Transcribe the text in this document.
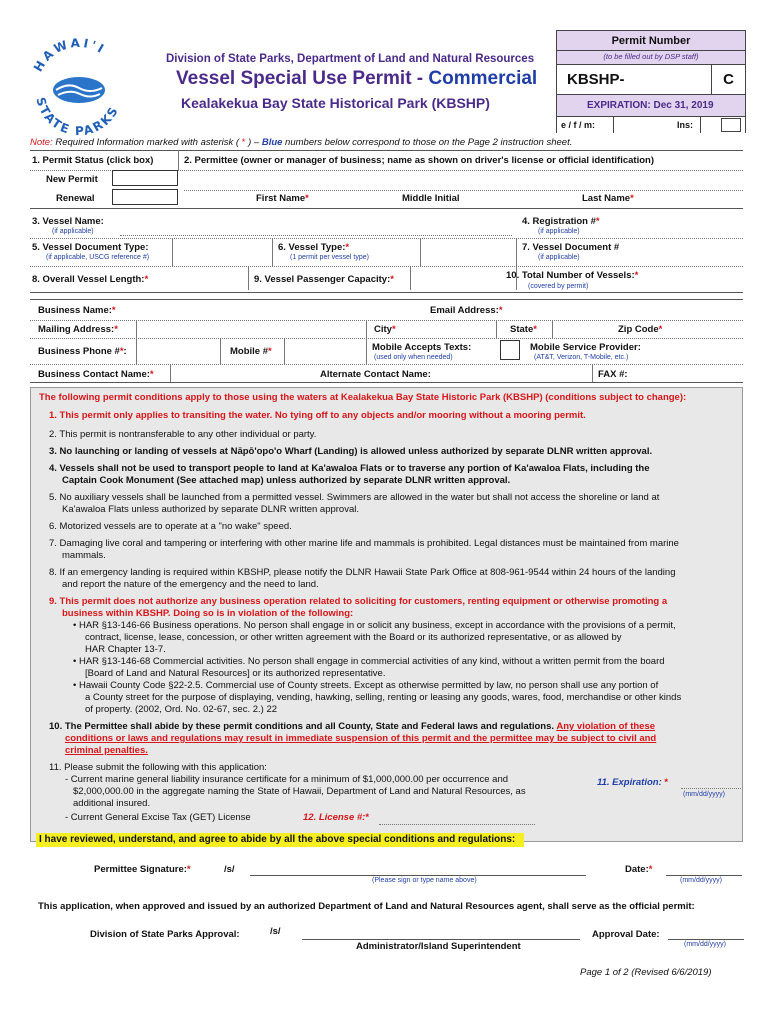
HAWAI'I
STATE PARKS
Division of State Parks, Department of Land and Natural Resources
Vessel Special Use Permit - Commercial
Kealakekua Bay State Historical Park (KBSHP)
Permit Number
(to be filled out by DSP staff)
KBSHP-	C
EXPIRATION: Dec 31, 2019
e / f / m:	Ins:
Note: Required Information marked with asterisk ( * ) – Blue numbers below correspond to those on the Page 2 instruction sheet.
1. Permit Status (click box)	2. Permittee (owner or manager of business; name as shown on driver's license or official identification)
New Permit
Renewal	First Name*	Middle Initial	Last Name*
3. Vessel Name:
(if applicable)
4. Registration #*
(if applicable)
5. Vessel Document Type:
(if applicable, USCG reference #)
6. Vessel Type:*
(1 permit per vessel type)
7. Vessel Document #
(if applicable)
8. Overall Vessel Length:*	9. Vessel Passenger Capacity:*	10. Total Number of Vessels:*
(covered by permit)
Business Name:*	Email Address:*
Mailing Address:*	City*	State*	Zip Code*
Business Phone #*:	Mobile #*	Mobile Accepts Texts:
(used only when needed)
Mobile Service Provider:
(AT&T, Verizon, T-Mobile, etc.)
Business Contact Name:*	Alternate Contact Name:	FAX #:
The following permit conditions apply to those using the waters at Kealakekua Bay State Historic Park (KBSHP) (conditions subject to change):
1. This permit only applies to transiting the water. No tying off to any objects and/or mooring without a mooring permit.
2. This permit is nontransferable to any other individual or party.
3. No launching or landing of vessels at Nāpō'opo'o Wharf (Landing) is allowed unless authorized by separate DLNR written approval.
4. Vessels shall not be used to transport people to land at Ka'awaloa Flats or to traverse any portion of Ka'awaloa Flats, including the
Captain Cook Monument (See attached map) unless authorized by separate DLNR written approval.
5. No auxiliary vessels shall be launched from a permitted vessel. Swimmers are allowed in the water but shall not access the shoreline or land at
Ka'awaloa Flats unless authorized by separate DLNR written approval.
6. Motorized vessels are to operate at a "no wake" speed.
7. Damaging live coral and tampering or interfering with other marine life and mammals is prohibited. Legal distances must be maintained from marine
mammals.
8. If an emergency landing is required within KBSHP, please notify the DLNR Hawaii State Park Office at 808-961-9544 within 24 hours of the landing
and report the nature of the emergency and the need to land.
9. This permit does not authorize any business operation related to soliciting for customers, renting equipment or otherwise promoting a
business within KBSHP. Doing so is in violation of the following:
• HAR §13-146-66 Business operations. No person shall engage in or solicit any business, except in accordance with the provisions of a permit,
contract, license, lease, concession, or other written agreement with the Board or its authorized representative, or as allowed by
HAR Chapter 13-7.
• HAR §13-146-68 Commercial activities. No person shall engage in commercial activities of any kind, without a written permit from the board
[Board of Land and Natural Resources] or its authorized representative.
• Hawaii County Code §22-2.5. Commercial use of County streets. Except as otherwise permitted by law, no person shall use any portion of
a County street for the purpose of displaying, vending, hawking, selling, renting or leasing any goods, wares, food, merchandise or other kinds
of property. (2002, Ord. No. 02-67, sec. 2.) 22
10. The Permittee shall abide by these permit conditions and all County, State and Federal laws and regulations. Any violation of these
conditions or laws and regulations may result in immediate suspension of this permit and the permittee may be subject to civil and
criminal penalties.
11. Please submit the following with this application:
- Current marine general liability insurance certificate for a minimum of $1,000,000.00 per occurrence and
$2,000,000.00 in the aggregate naming the State of Hawaii, Department of Land and Natural Resources, as
additional insured.
- Current General Excise Tax (GET) License
11. Expiration: *
(mm/dd/yyyy)
12. License #:*
I have reviewed, understand, and agree to abide by all the above special conditions and regulations:
Permittee Signature:*	/s/
(Please sign or type name above)
Date:*
(mm/dd/yyyy)
This application, when approved and issued by an authorized Department of Land and Natural Resources agent, shall serve as the official permit:
Division of State Parks Approval:	/s/
Administrator/Island Superintendent
Approval Date:
(mm/dd/yyyy)
Page 1 of 2 (Revised 6/6/2019)
